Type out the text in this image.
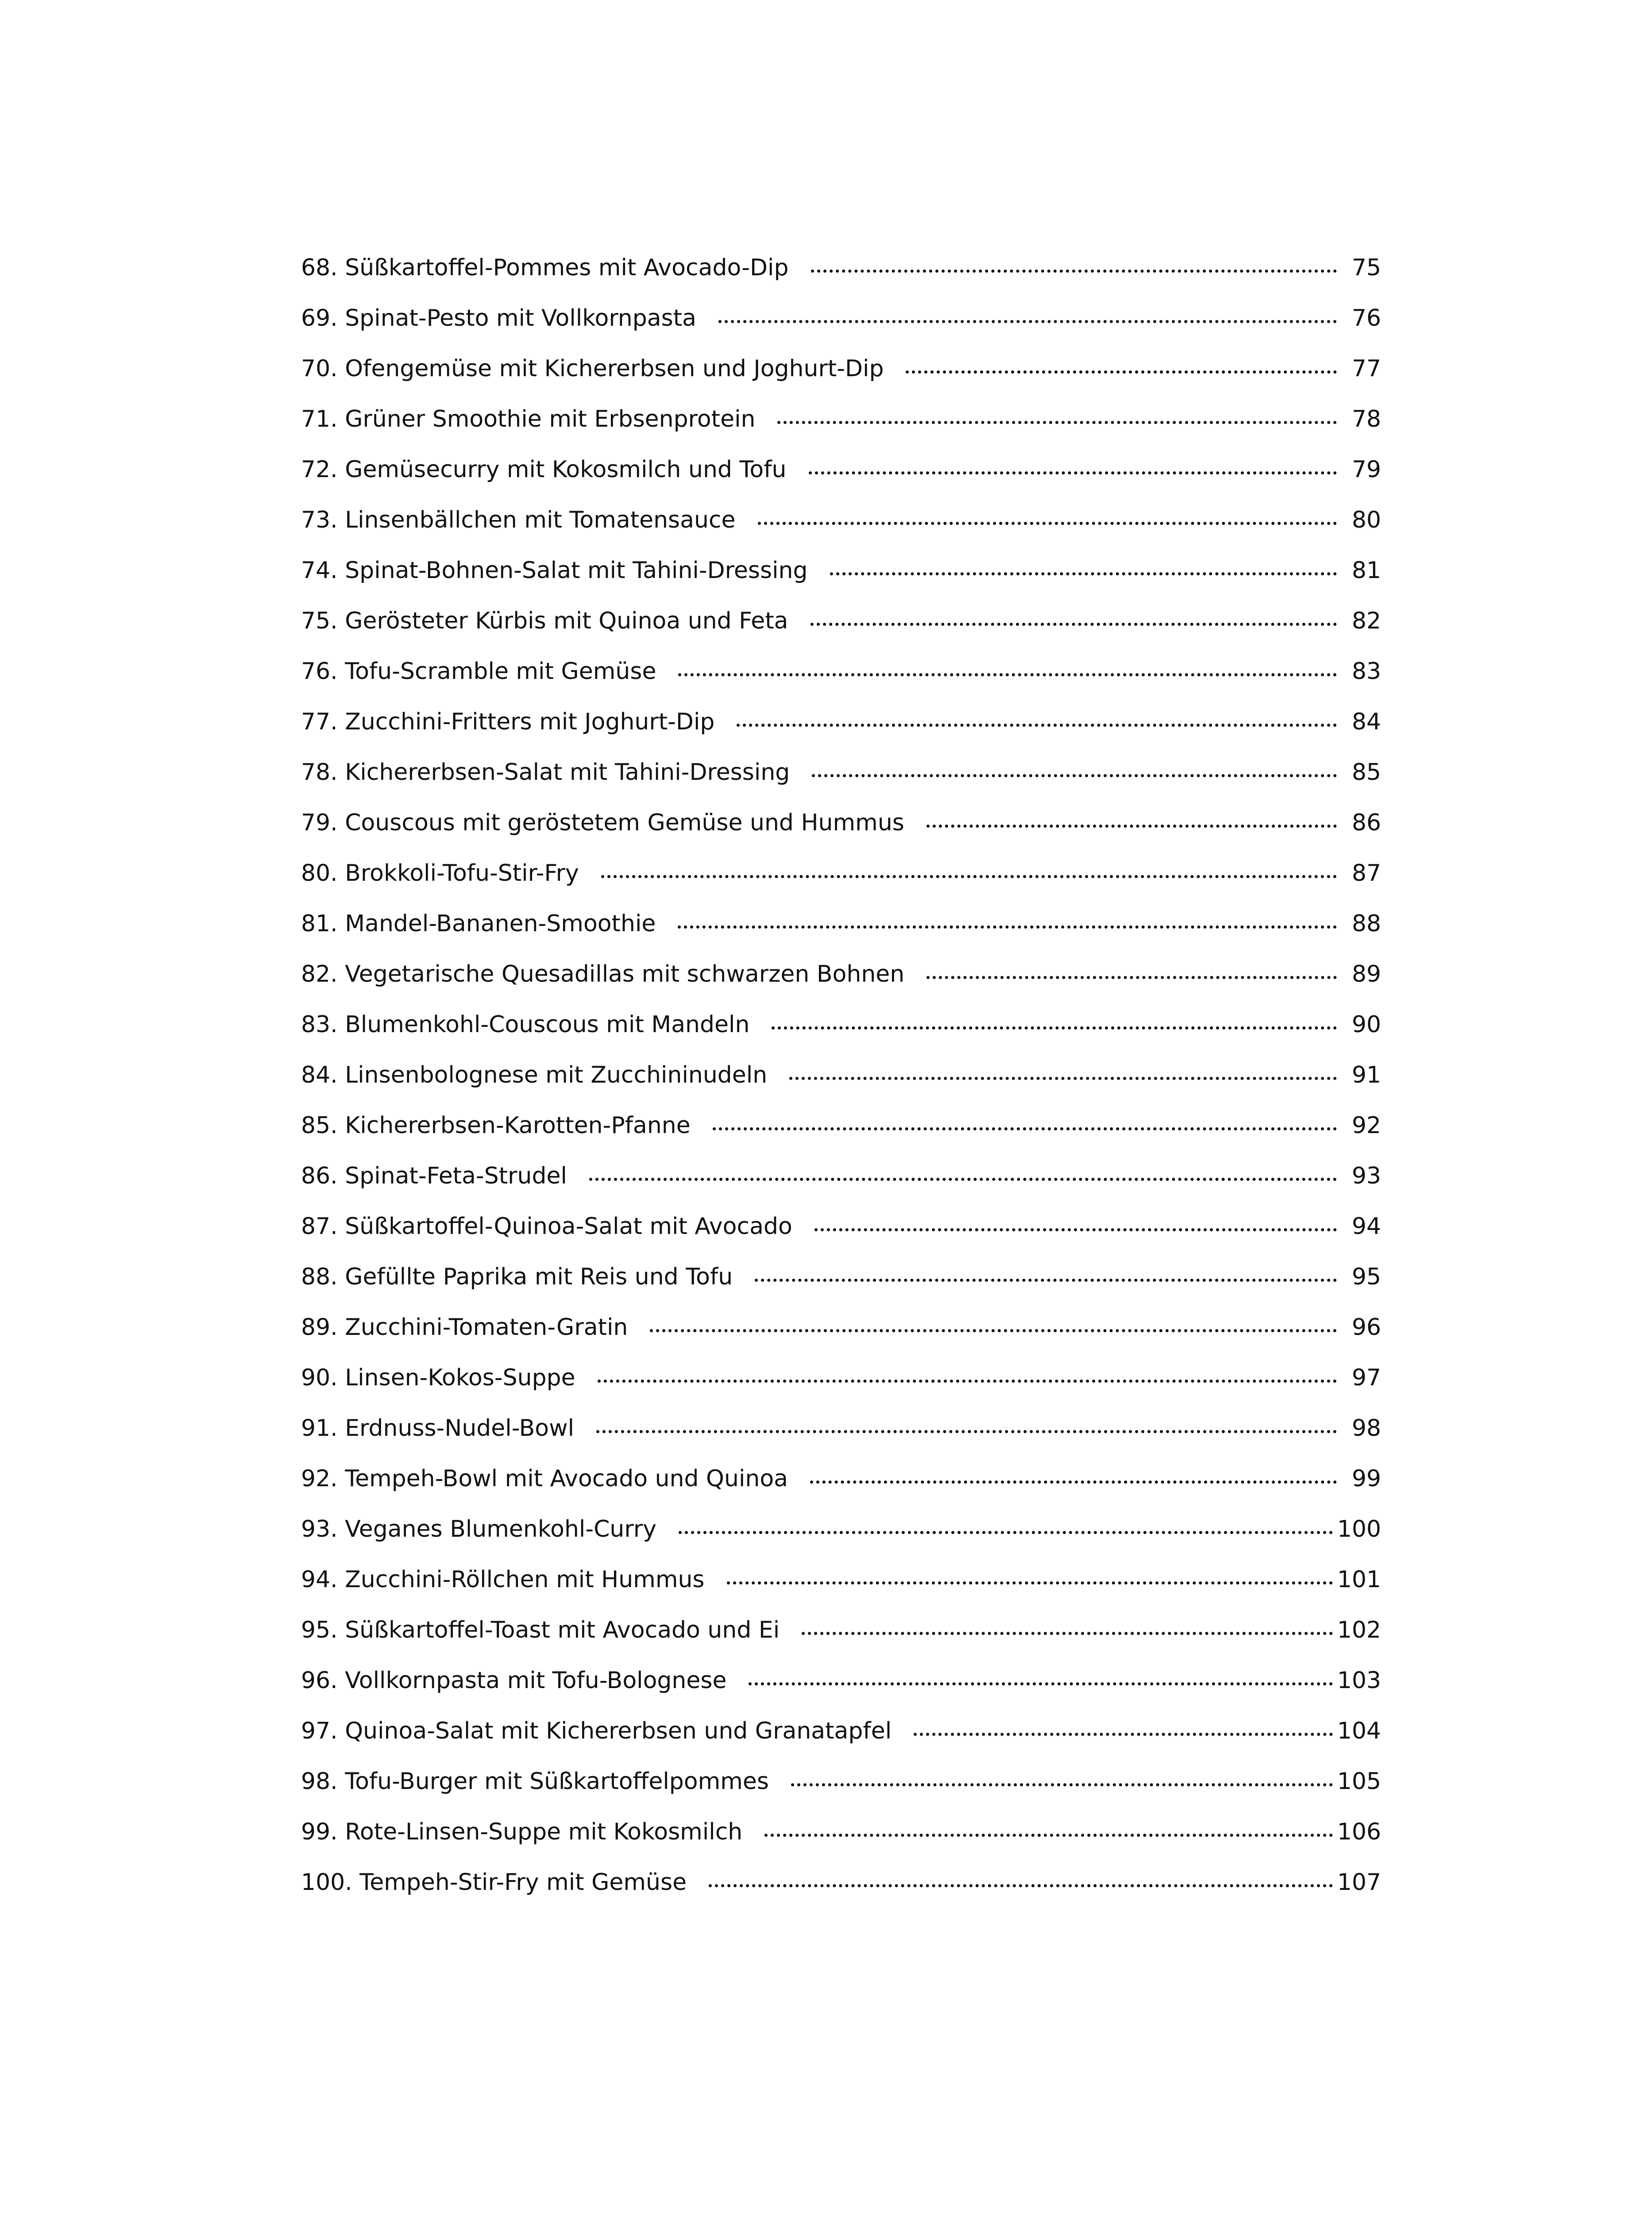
68. Süßkartoffel-Pommes mit Avocado-Dip	75
69. Spinat-Pesto mit Vollkornpasta	76
70. Ofengemüse mit Kichererbsen und Joghurt-Dip	77
71. Grüner Smoothie mit Erbsenprotein	78
72. Gemüsecurry mit Kokosmilch und Tofu	79
73. Linsenbällchen mit Tomatensauce	80
74. Spinat-Bohnen-Salat mit Tahini-Dressing	81
75. Gerösteter Kürbis mit Quinoa und Feta	82
76. Tofu-Scramble mit Gemüse	83
77. Zucchini-Fritters mit Joghurt-Dip	84
78. Kichererbsen-Salat mit Tahini-Dressing	85
79. Couscous mit geröstetem Gemüse und Hummus	86
80. Brokkoli-Tofu-Stir-Fry	87
81. Mandel-Bananen-Smoothie	88
82. Vegetarische Quesadillas mit schwarzen Bohnen	89
83. Blumenkohl-Couscous mit Mandeln	90
84. Linsenbolognese mit Zucchininudeln	91
85. Kichererbsen-Karotten-Pfanne	92
86. Spinat-Feta-Strudel	93
87. Süßkartoffel-Quinoa-Salat mit Avocado	94
88. Gefüllte Paprika mit Reis und Tofu	95
89. Zucchini-Tomaten-Gratin	96
90. Linsen-Kokos-Suppe	97
91. Erdnuss-Nudel-Bowl	98
92. Tempeh-Bowl mit Avocado und Quinoa	99
93. Veganes Blumenkohl-Curry	100
94. Zucchini-Röllchen mit Hummus	101
95. Süßkartoffel-Toast mit Avocado und Ei	102
96. Vollkornpasta mit Tofu-Bolognese	103
97. Quinoa-Salat mit Kichererbsen und Granatapfel	104
98. Tofu-Burger mit Süßkartoffelpommes	105
99. Rote-Linsen-Suppe mit Kokosmilch	106
100. Tempeh-Stir-Fry mit Gemüse	107
